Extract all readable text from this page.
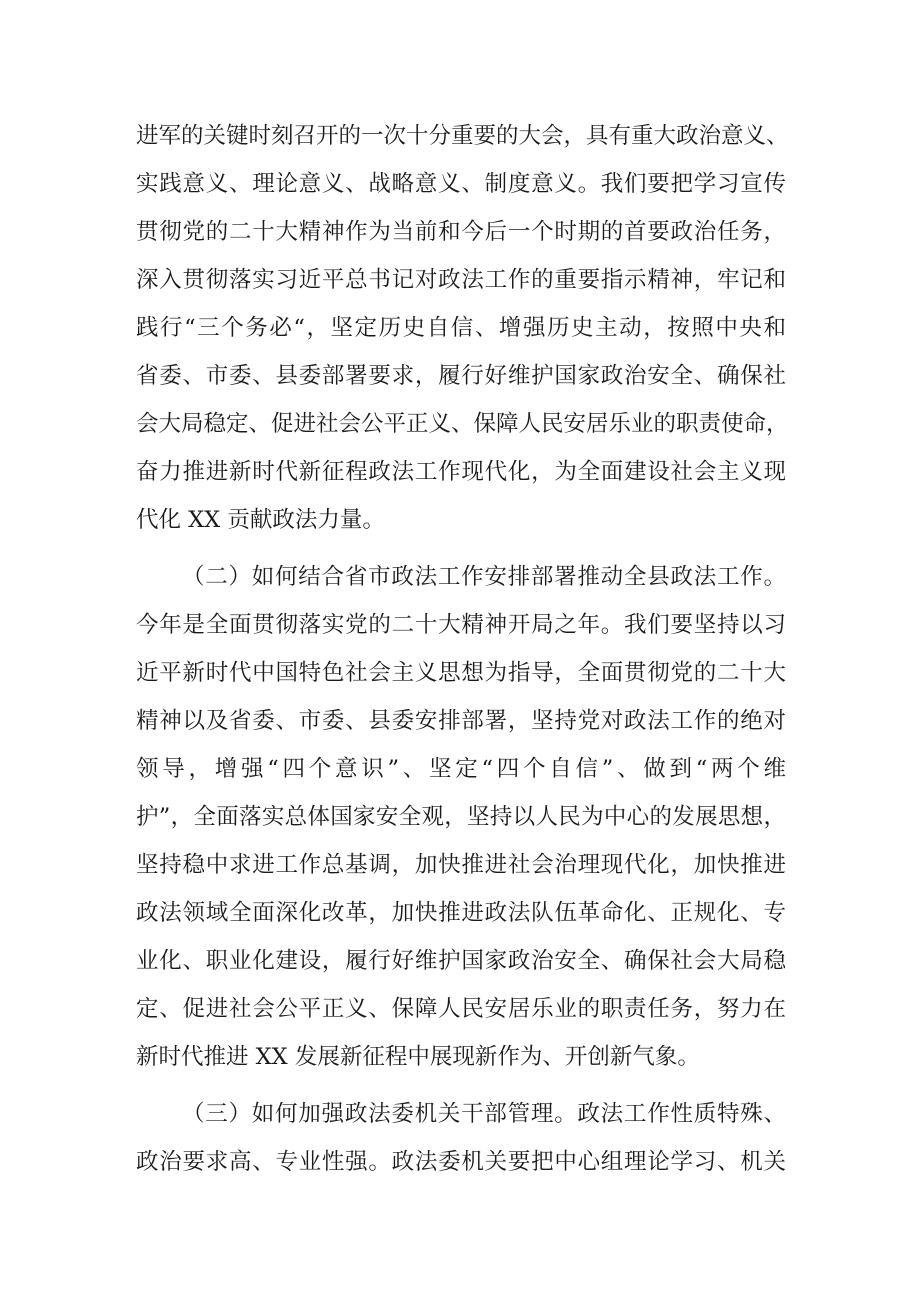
进军的关键时刻召开的一次十分重要的大会，具有重大政治意义、
实践意义、理论意义、战略意义、制度意义。我们要把学习宣传
贯彻党的二十大精神作为当前和今后一个时期的首要政治任务，
深入贯彻落实习近平总书记对政法工作的重要指示精神，牢记和
践行“三个务必“，坚定历史自信、增强历史主动，按照中央和
省委、市委、县委部署要求，履行好维护国家政治安全、确保社
会大局稳定、促进社会公平正义、保障人民安居乐业的职责使命，
奋力推进新时代新征程政法工作现代化，为全面建设社会主义现
代化 XX 贡献政法力量。
（二）如何结合省市政法工作安排部署推动全县政法工作。
今年是全面贯彻落实党的二十大精神开局之年。我们要坚持以习
近平新时代中国特色社会主义思想为指导，全面贯彻党的二十大
精神以及省委、市委、县委安排部署，坚持党对政法工作的绝对
领导，增强“四个意识”、坚定“四个自信”、做到“两个维
护”，全面落实总体国家安全观，坚持以人民为中心的发展思想，
坚持稳中求进工作总基调，加快推进社会治理现代化，加快推进
政法领域全面深化改革，加快推进政法队伍革命化、正规化、专
业化、职业化建设，履行好维护国家政治安全、确保社会大局稳
定、促进社会公平正义、保障人民安居乐业的职责任务，努力在
新时代推进 XX 发展新征程中展现新作为、开创新气象。
（三）如何加强政法委机关干部管理。政法工作性质特殊、
政治要求高、专业性强。政法委机关要把中心组理论学习、机关
